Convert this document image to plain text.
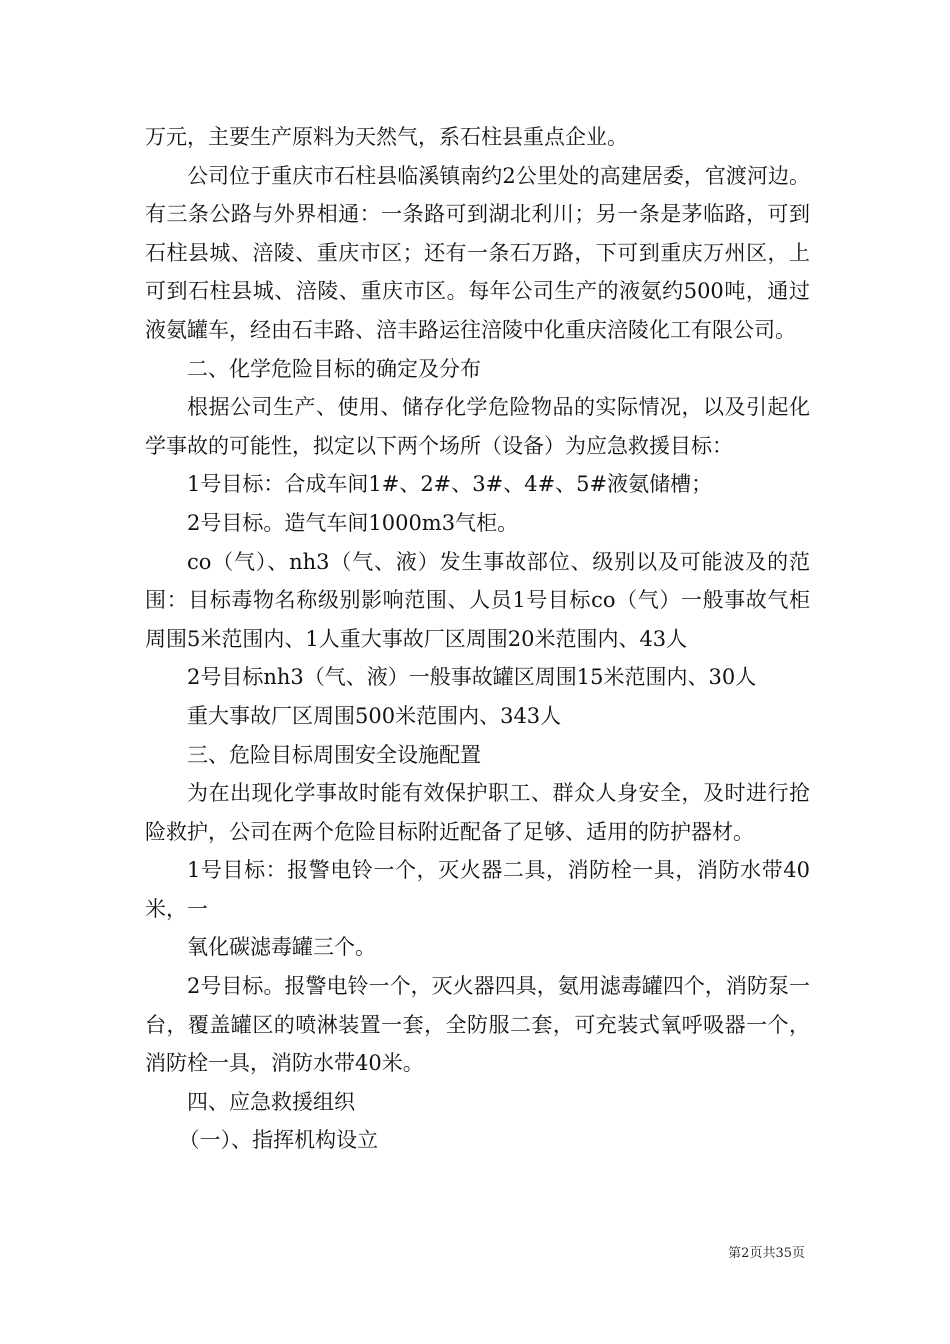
万元，主要生产原料为天然气，系石柱县重点企业。

公司位于重庆市石柱县临溪镇南约2公里处的高建居委，官渡河边。有三条公路与外界相通：一条路可到湖北利川；另一条是茅临路，可到石柱县城、涪陵、重庆市区；还有一条石万路，下可到重庆万州区，上可到石柱县城、涪陵、重庆市区。每年公司生产的液氨约500吨，通过液氨罐车，经由石丰路、涪丰路运往涪陵中化重庆涪陵化工有限公司。

二、化学危险目标的确定及分布

根据公司生产、使用、储存化学危险物品的实际情况，以及引起化学事故的可能性，拟定以下两个场所（设备）为应急救援目标：

1号目标：合成车间1#、2#、3#、4#、5#液氨储槽；

2号目标。造气车间1000m3气柜。

co（气）、nh3（气、液）发生事故部位、级别以及可能波及的范围：目标毒物名称级别影响范围、人员1号目标co（气）一般事故气柜周围5米范围内、1人重大事故厂区周围20米范围内、43人

2号目标nh3（气、液）一般事故罐区周围15米范围内、30人

重大事故厂区周围500米范围内、343人

三、危险目标周围安全设施配置

为在出现化学事故时能有效保护职工、群众人身安全，及时进行抢险救护，公司在两个危险目标附近配备了足够、适用的防护器材。

1号目标：报警电铃一个，灭火器二具，消防栓一具，消防水带40米，一

氧化碳滤毒罐三个。

2号目标。报警电铃一个，灭火器四具，氨用滤毒罐四个，消防泵一台，覆盖罐区的喷淋装置一套，全防服二套，可充装式氧呼吸器一个，消防栓一具，消防水带40米。

四、应急救援组织

（一）、指挥机构设立

第2页共35页
